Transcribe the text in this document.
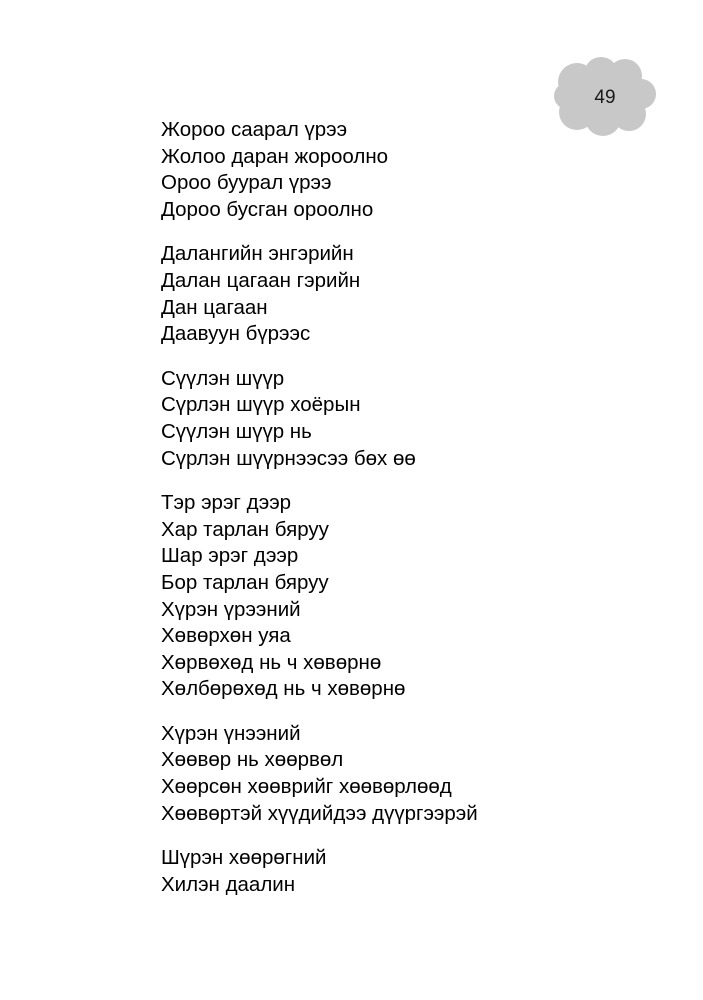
49
Жороо саарал үрээ
Жолоо даран жороолно
Ороо буурал үрээ
Дороо бусган ороолно
Далангийн энгэрийн
Далан цагаан гэрийн
Дан цагаан
Даавуун бүрээс
Сүүлэн шүүр
Сүрлэн шүүр хоёрын
Сүүлэн шүүр нь
Сүрлэн шүүрнээсээ бөх өө
Тэр эрэг дээр
Хар тарлан бяруу
Шар эрэг дээр
Бор тарлан бяруу
Хүрэн үрээний
Хөвөрхөн уяа
Хөрвөхөд нь ч хөвөрнө
Хөлбөрөхөд нь ч хөвөрнө
Хүрэн үнээний
Хөөвөр нь хөөрвөл
Хөөрсөн хөөврийг хөөвөрлөөд
Хөөвөртэй хүүдийдээ дүүргээрэй
Шүрэн хөөрөгний
Хилэн даалин
